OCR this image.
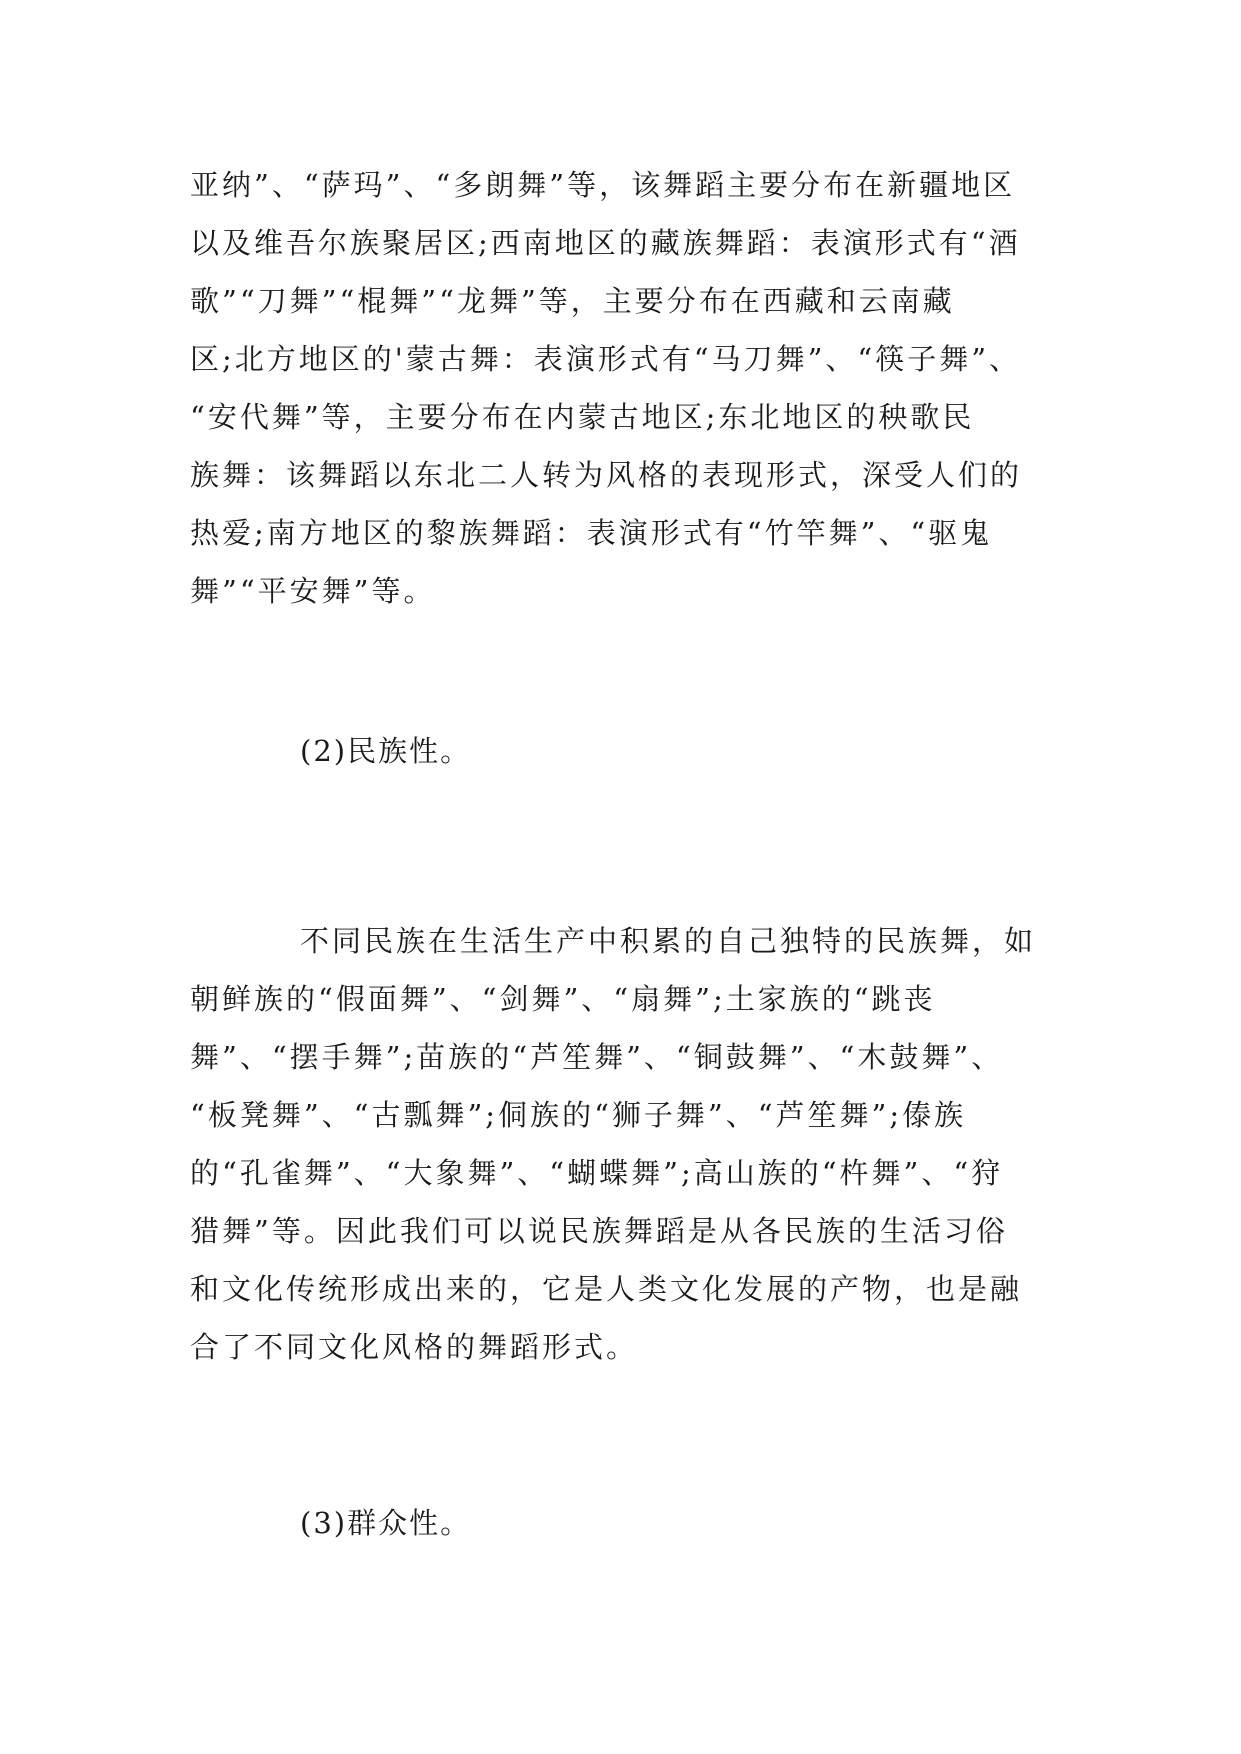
亚纳”、“萨玛”、“多朗舞”等，该舞蹈主要分布在新疆地区
以及维吾尔族聚居区;西南地区的藏族舞蹈：表演形式有“酒
歌”“刀舞”“棍舞”“龙舞”等，主要分布在西藏和云南藏
区;北方地区的'蒙古舞：表演形式有“马刀舞”、“筷子舞”、
“安代舞”等，主要分布在内蒙古地区;东北地区的秧歌民
族舞：该舞蹈以东北二人转为风格的表现形式，深受人们的
热爱;南方地区的黎族舞蹈：表演形式有“竹竿舞”、“驱鬼
舞”“平安舞”等。
(2)民族性。
不同民族在生活生产中积累的自己独特的民族舞，如
朝鲜族的“假面舞”、“剑舞”、“扇舞”;土家族的“跳丧
舞”、“摆手舞”;苗族的“芦笙舞”、“铜鼓舞”、“木鼓舞”、
“板凳舞”、“古瓢舞”;侗族的“狮子舞”、“芦笙舞”;傣族
的“孔雀舞”、“大象舞”、“蝴蝶舞”;高山族的“杵舞”、“狩
猎舞”等。因此我们可以说民族舞蹈是从各民族的生活习俗
和文化传统形成出来的，它是人类文化发展的产物，也是融
合了不同文化风格的舞蹈形式。
(3)群众性。
